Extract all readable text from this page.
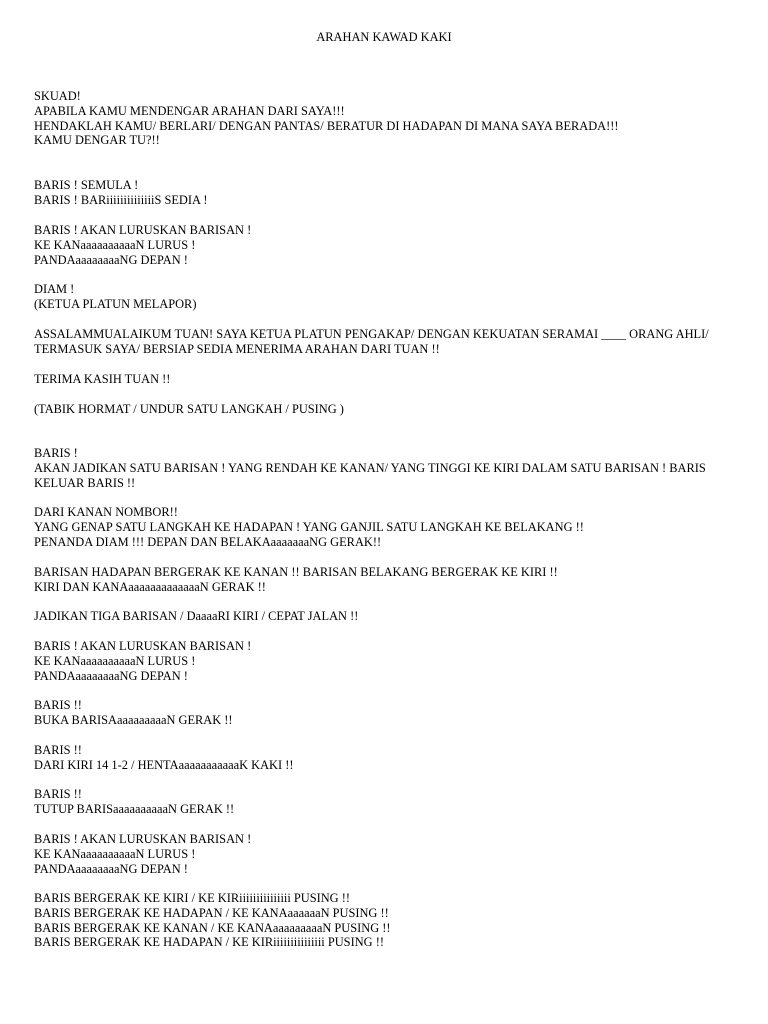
ARAHAN KAWAD KAKI
SKUAD!
APABILA KAMU MENDENGAR ARAHAN DARI SAYA!!!
HENDAKLAH KAMU/ BERLARI/ DENGAN PANTAS/ BERATUR DI HADAPAN DI MANA SAYA BERADA!!!
KAMU DENGAR TU?!!
BARIS ! SEMULA !
BARIS ! BARiiiiiiiiiiiiiiS SEDIA !
BARIS ! AKAN LURUSKAN BARISAN !
KE KANaaaaaaaaaaN LURUS !
PANDAaaaaaaaaNG DEPAN !
DIAM !
(KETUA PLATUN MELAPOR)
ASSALAMMUALAIKUM TUAN! SAYA KETUA PLATUN PENGAKAP/ DENGAN KEKUATAN SERAMAI ____ ORANG AHLI/
TERMASUK SAYA/ BERSIAP SEDIA MENERIMA ARAHAN DARI TUAN !!
TERIMA KASIH TUAN !!
(TABIK HORMAT / UNDUR SATU LANGKAH / PUSING )
BARIS !
AKAN JADIKAN SATU BARISAN ! YANG RENDAH KE KANAN/ YANG TINGGI KE KIRI DALAM SATU BARISAN ! BARIS
KELUAR BARIS !!
DARI KANAN NOMBOR!!
YANG GENAP SATU LANGKAH KE HADAPAN ! YANG GANJIL SATU LANGKAH KE BELAKANG !!
PENANDA DIAM !!! DEPAN DAN BELAKAaaaaaaaNG GERAK!!
BARISAN HADAPAN BERGERAK KE KANAN !! BARISAN BELAKANG BERGERAK KE KIRI !!
KIRI DAN KANAaaaaaaaaaaaaaN GERAK !!
JADIKAN TIGA BARISAN / DaaaaRI KIRI / CEPAT JALAN !!
BARIS ! AKAN LURUSKAN BARISAN !
KE KANaaaaaaaaaaN LURUS !
PANDAaaaaaaaaNG DEPAN !
BARIS !!
BUKA BARISAaaaaaaaaaN GERAK !!
BARIS !!
DARI KIRI 14 1-2 / HENTAaaaaaaaaaaaK KAKI !!
BARIS !!
TUTUP BARISaaaaaaaaaaN GERAK !!
BARIS ! AKAN LURUSKAN BARISAN !
KE KANaaaaaaaaaaN LURUS !
PANDAaaaaaaaaNG DEPAN !
BARIS BERGERAK KE KIRI / KE KIRiiiiiiiiiiiiiii PUSING !!
BARIS BERGERAK KE HADAPAN / KE KANAaaaaaaN PUSING !!
BARIS BERGERAK KE KANAN / KE KANAaaaaaaaaaN PUSING !!
BARIS BERGERAK KE HADAPAN / KE KIRiiiiiiiiiiiiiii PUSING !!
